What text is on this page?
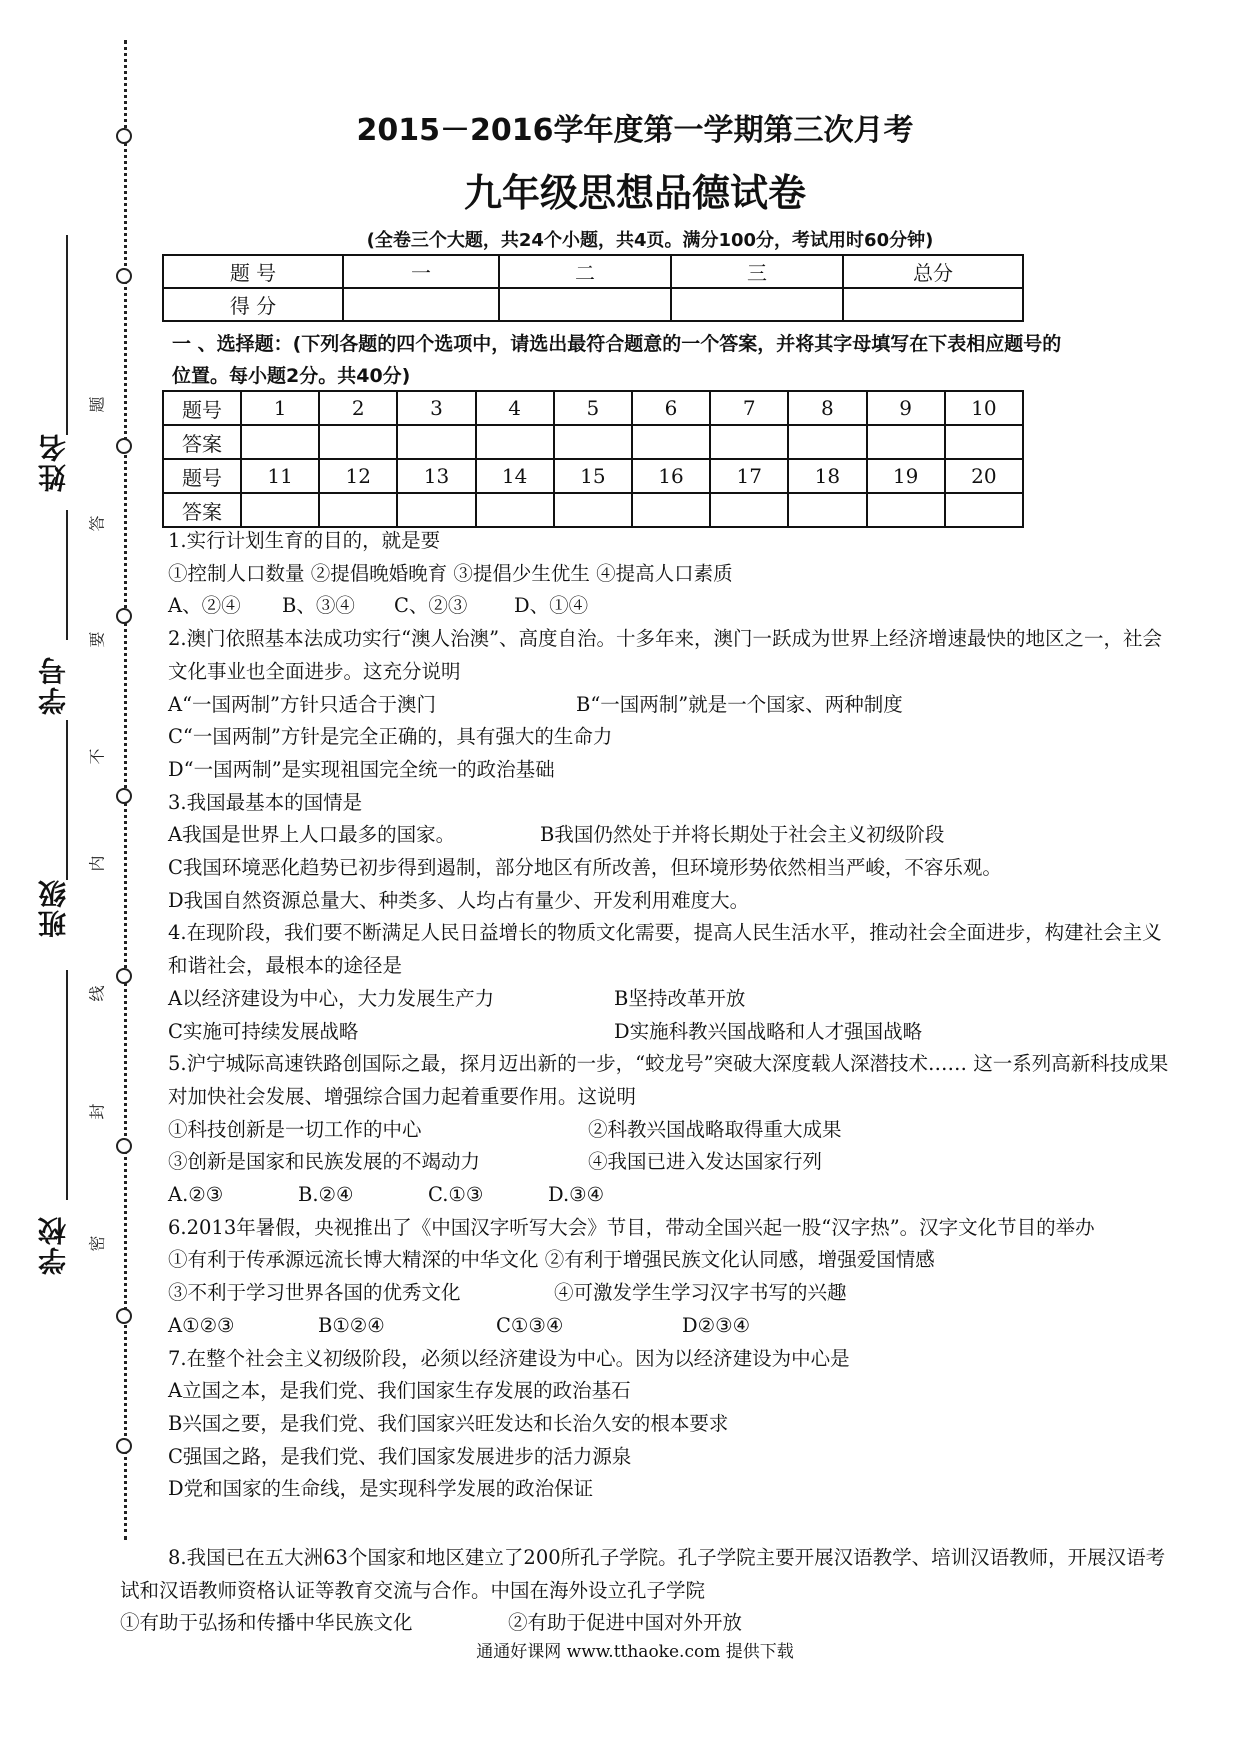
姓名
学号
班级
学校
题
答
要
不
内
线
封
密
2015－2016学年度第一学期第三次月考
九年级思想品德试卷
(全卷三个大题，共24个小题，共4页。满分100分，考试用时60分钟)
题 号	一	二	三	总分
得 分				
一 、选择题：(下列各题的四个选项中，请选出最符合题意的一个答案，并将其字母填写在下表相应题号的位置。每小题2分。共40分)
题号	1	2	3	4	5	6	7	8	9	10
答案										
题号	11	12	13	14	15	16	17	18	19	20
答案										
1.实行计划生育的目的，就是要
①控制人口数量 ②提倡晚婚晚育 ③提倡少生优生 ④提高人口素质
A、②④ B、③④ C、②③ D、①④
2.澳门依照基本法成功实行“澳人治澳”、高度自治。十多年来，澳门一跃成为世界上经济增速最快的地区之一，社会文化事业也全面进步。这充分说明
A“一国两制”方针只适合于澳门	B“一国两制”就是一个国家、两种制度
C“一国两制”方针是完全正确的，具有强大的生命力
D“一国两制”是实现祖国完全统一的政治基础
3.我国最基本的国情是
A我国是世界上人口最多的国家。	B我国仍然处于并将长期处于社会主义初级阶段
C我国环境恶化趋势已初步得到遏制，部分地区有所改善，但环境形势依然相当严峻，不容乐观。
D我国自然资源总量大、种类多、人均占有量少、开发利用难度大。
4.在现阶段，我们要不断满足人民日益增长的物质文化需要，提高人民生活水平，推动社会全面进步，构建社会主义和谐社会，最根本的途径是
A以经济建设为中心，大力发展生产力	B坚持改革开放
C实施可持续发展战略	D实施科教兴国战略和人才强国战略
5.沪宁城际高速铁路创国际之最，探月迈出新的一步，“蛟龙号”突破大深度载人深潜技术…… 这一系列高新科技成果对加快社会发展、增强综合国力起着重要作用。这说明
①科技创新是一切工作的中心	②科教兴国战略取得重大成果
③创新是国家和民族发展的不竭动力	④我国已进入发达国家行列
A.②③	B.②④	C.①③	D.③④
6.2013年暑假，央视推出了《中国汉字听写大会》节目，带动全国兴起一股“汉字热”。汉字文化节目的举办
①有利于传承源远流长博大精深的中华文化 ②有利于增强民族文化认同感，增强爱国情感
③不利于学习世界各国的优秀文化	④可激发学生学习汉字书写的兴趣
A①②③	B①②④	C①③④	D②③④
7.在整个社会主义初级阶段，必须以经济建设为中心。因为以经济建设为中心是
A立国之本，是我们党、我们国家生存发展的政治基石
B兴国之要，是我们党、我们国家兴旺发达和长治久安的根本要求
C强国之路，是我们党、我们国家发展进步的活力源泉
D党和国家的生命线，是实现科学发展的政治保证
8.我国已在五大洲63个国家和地区建立了200所孔子学院。孔子学院主要开展汉语教学、培训汉语教师，开展汉语考试和汉语教师资格认证等教育交流与合作。中国在海外设立孔子学院
①有助于弘扬和传播中华民族文化	②有助于促进中国对外开放
通通好课网 www.tthaoke.com 提供下载
